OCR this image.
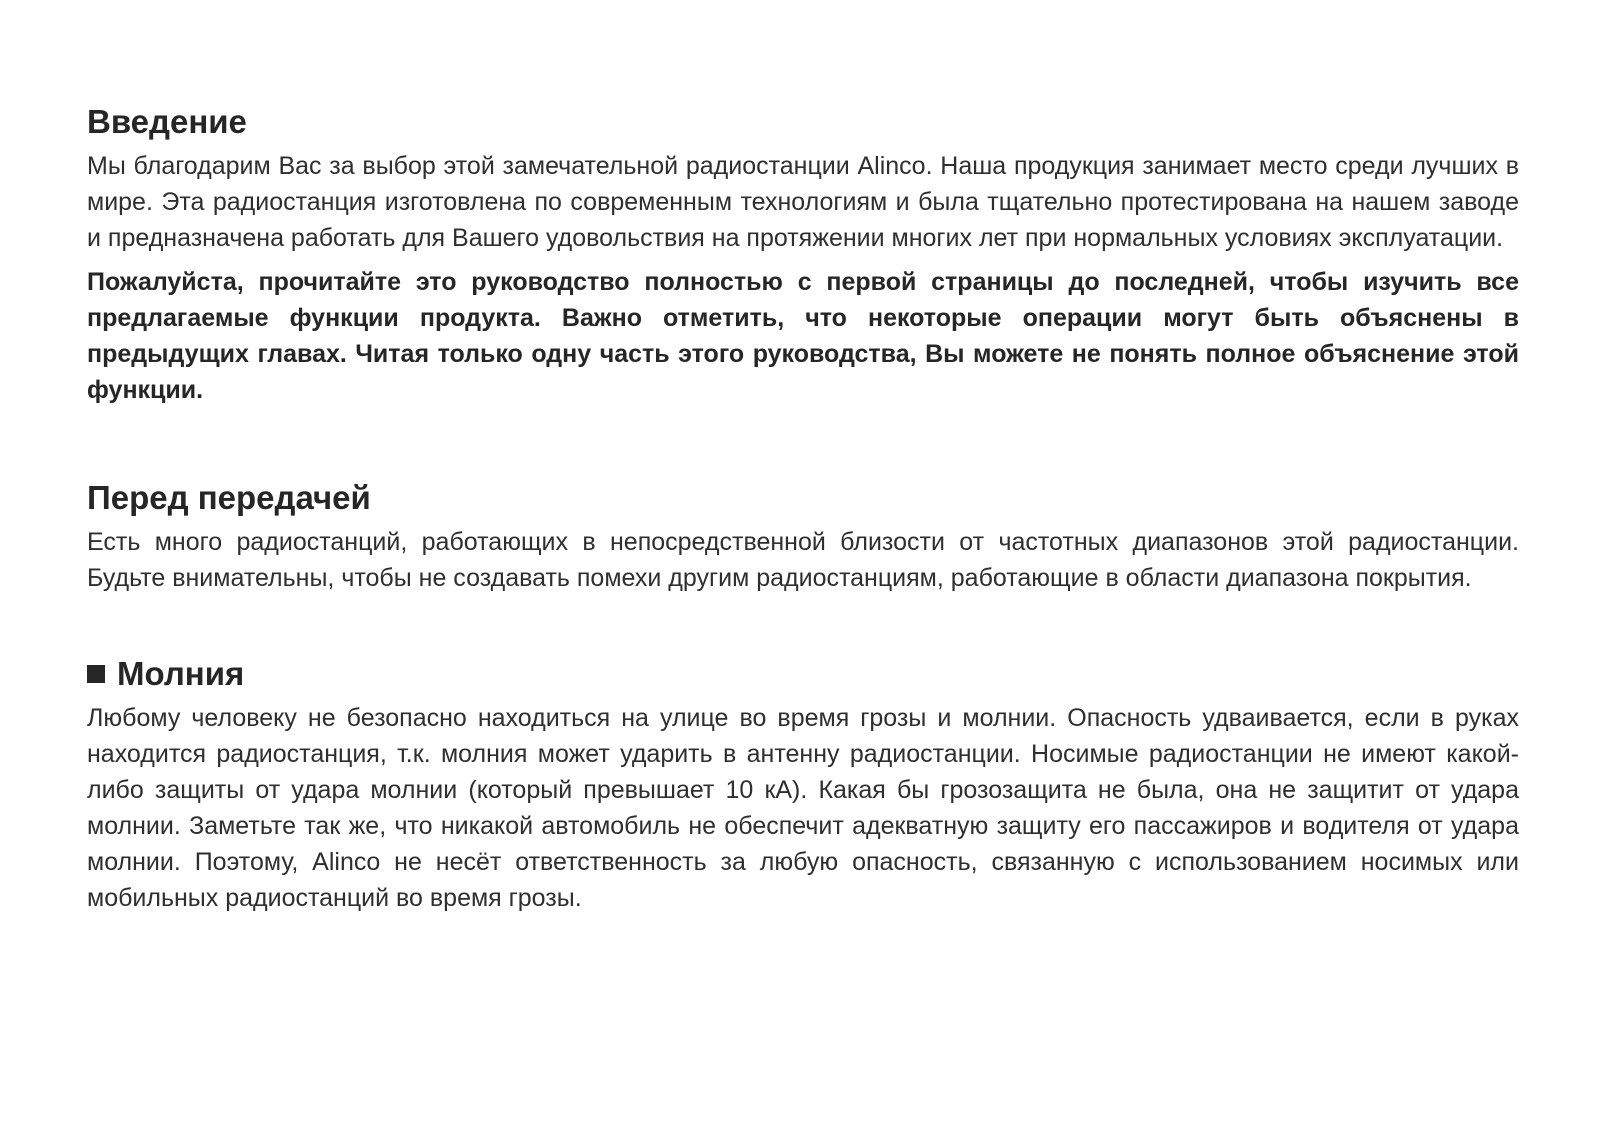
Введение

Мы благодарим Вас за выбор этой замечательной радиостанции Alinco. Наша продукция занимает место среди лучших в мире. Эта радиостанция изготовлена по современным технологиям и была тщательно протестирована на нашем заводе и предназначена работать для Вашего удовольствия на протяжении многих лет при нормальных условиях эксплуатации.

Пожалуйста, прочитайте это руководство полностью с первой страницы до последней, чтобы изучить все предлагаемые функции продукта. Важно отметить, что некоторые операции могут быть объяснены в предыдущих главах. Читая только одну часть этого руководства, Вы можете не понять полное объяснение этой функции.

Перед передачей

Есть много радиостанций, работающих в непосредственной близости от частотных диапазонов этой радиостанции. Будьте внимательны, чтобы не создавать помехи другим радиостанциям, работающие в области диапазона покрытия.

Молния

Любому человеку не безопасно находиться на улице во время грозы и молнии. Опасность удваивается, если в руках находится радиостанция, т.к. молния может ударить в антенну радиостанции. Носимые радиостанции не имеют какой-либо защиты от удара молнии (который превышает 10 кА). Какая бы грозозащита не была, она не защитит от удара молнии. Заметьте так же, что никакой автомобиль не обеспечит адекватную защиту его пассажиров и водителя от удара молнии. Поэтому, Alinco не несёт ответственность за любую опасность, связанную с использованием носимых или мобильных радиостанций во время грозы.
